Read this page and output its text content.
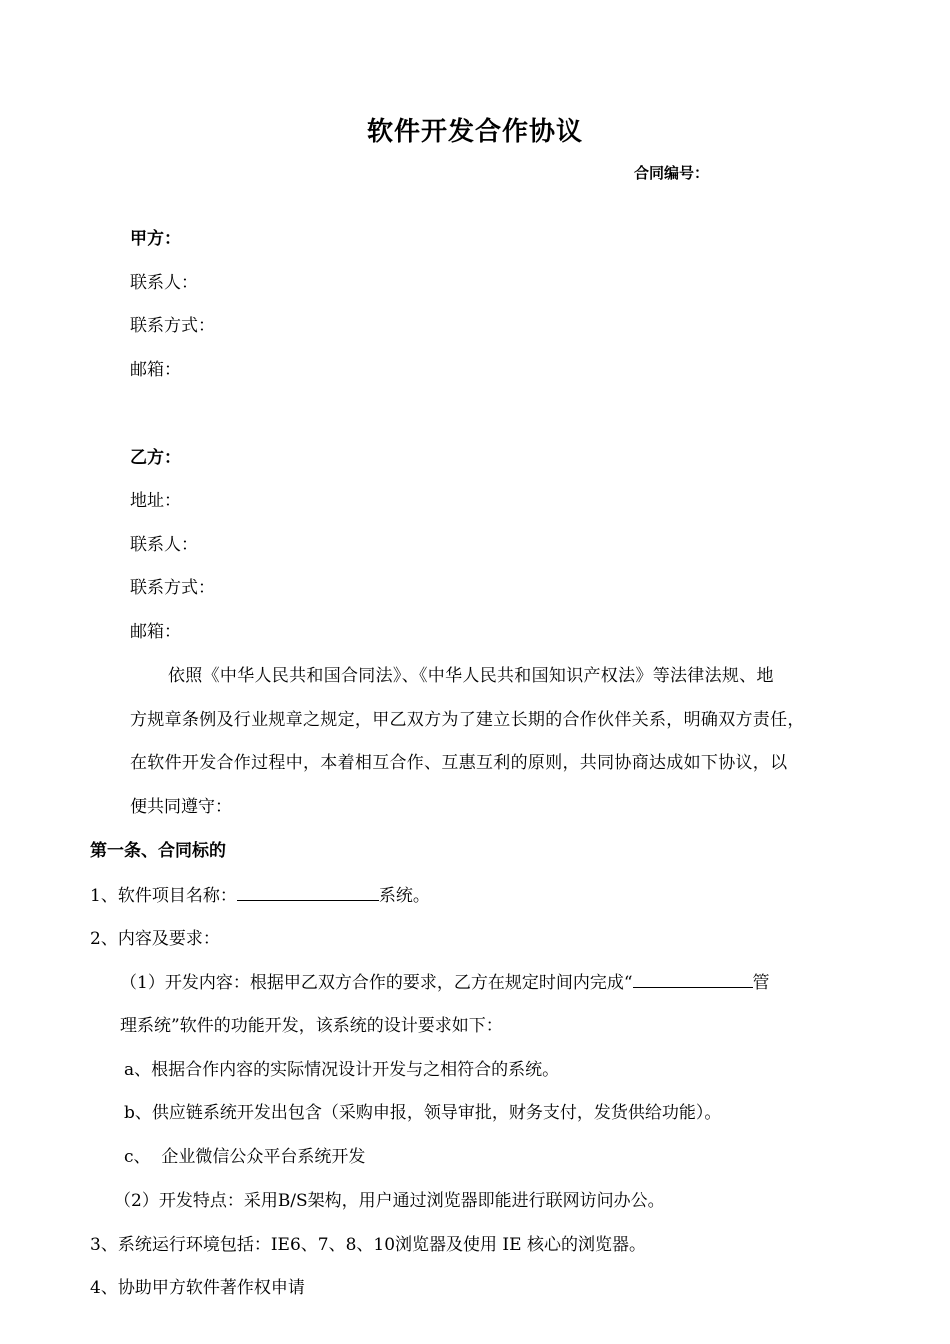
软件开发合作协议
合同编号：
甲方：
联系人：
联系方式：
邮箱：
乙方：
地址：
联系人：
联系方式：
邮箱：
依照《中华人民共和国合同法》、《中华人民共和国知识产权法》等法律法规、地
方规章条例及行业规章之规定，甲乙双方为了建立长期的合作伙伴关系，明确双方责任，
在软件开发合作过程中，本着相互合作、互惠互利的原则，共同协商达成如下协议，以
便共同遵守：
第一条、合同标的
1、软件项目名称：	系统。
2、内容及要求：
（1）开发内容：根据甲乙双方合作的要求，乙方在规定时间内完成“	管
理系统”软件的功能开发，该系统的设计要求如下：
a、根据合作内容的实际情况设计开发与之相符合的系统。
b、供应链系统开发出包含（采购申报，领导审批，财务支付，发货供给功能）。
c、  企业微信公众平台系统开发
（2）开发特点：采用B/S架构，用户通过浏览器即能进行联网访问办公。
3、系统运行环境包括：IE6、7、8、10浏览器及使用 IE 核心的浏览器。
4、协助甲方软件著作权申请
